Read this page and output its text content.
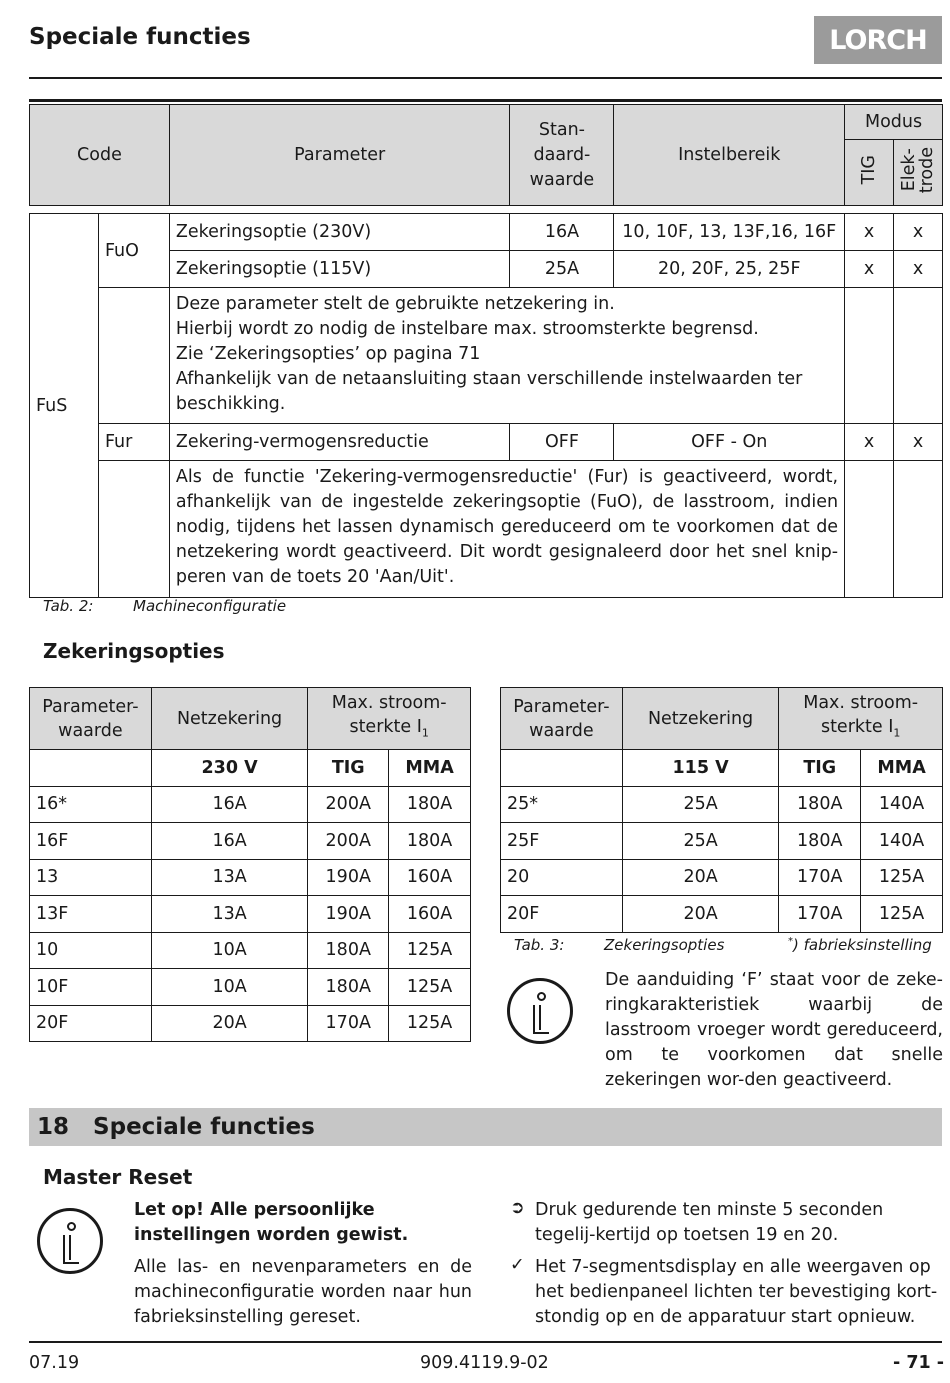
Speciale functies	LORCH
Code		Parameter	Stan-
daard-
waarde	Instelbereik	Modus	
					TIG	Elek-
trode

FuS	FuO	Zekeringsoptie (230V)	16A	10, 10F, 13, 13F,16, 16F	x	x
		Zekeringsoptie (115V)	25A	20, 20F, 25, 25F	x	x
		Deze parameter stelt de gebruikte netzekering in.
Hierbij wordt zo nodig de instelbare max. stroomsterkte begrensd.
Zie ‘Zekeringsopties’ op pagina 71
Afhankelijk van de netaansluiting staan verschillende instelwaarden ter beschikking.				
	Fur	Zekering-vermogensreductie	OFF	OFF - On	x	x
		Als de functie 'Zekering-vermogensreductie' (Fur) is geactiveerd, wordt, afhankelijk van de ingestelde zekeringsoptie (FuO), de lasstroom, indien nodig, tijdens het lassen dynamisch gereduceerd om te voorkomen dat de netzekering wordt geactiveerd. Dit wordt gesignaleerd door het snel knip-peren van de toets 20 'Aan/Uit'.				
Tab. 2:	Machineconfiguratie
Zekeringsopties
Parameter-
waarde	Netzekering	Max. stroom-
sterkte $I_1$
	230 V	TIG	MMA
16*	16A	200A	180A
16F	16A	200A	180A
13	13A	190A	160A
13F	13A	190A	160A
10	10A	180A	125A
10F	10A	180A	125A
20F	20A	170A	125A
Parameter-
waarde	Netzekering	Max. stroom-
sterkte $I_1$
	115 V	TIG	MMA
25*	25A	180A	140A
25F	25A	180A	140A
20	20A	170A	125A
20F	20A	170A	125A
Tab. 3:	Zekeringsopties	*) fabrieksinstelling
De aanduiding ‘F’ staat voor de zeke-ringkarakteristiek waarbij de lasstroom vroeger wordt gereduceerd, om te voorkomen dat snelle zekeringen wor-den geactiveerd.
18 Speciale functies
Master Reset
Let op! Alle persoonlijke instellingen worden gewist.
Alle las- en nevenparameters en de machineconfiguratie worden naar hun fabrieksinstelling gereset.
➲ Druk gedurende ten minste 5 seconden tegelij-kertijd op toetsen 19 en 20.
✓ Het 7-segmentsdisplay en alle weergaven op het bedienpaneel lichten ter bevestiging kort-stondig op en de apparatuur start opnieuw.
07.19	909.4119.9-02	- 71 -
